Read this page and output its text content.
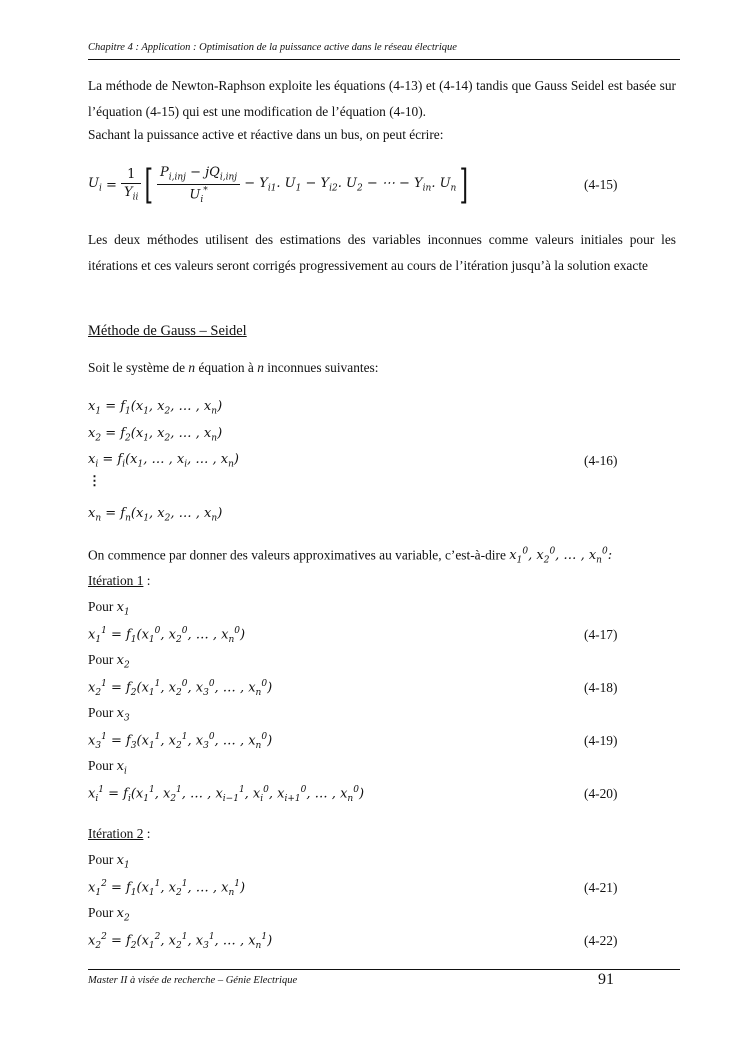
Chapitre 4 : Application : Optimisation de la puissance active dans le réseau électrique
La méthode de Newton-Raphson exploite les équations (4-13) et (4-14) tandis que Gauss Seidel est basée sur l’équation (4-15) qui est une modification de l’équation (4-10).
Sachant la puissance active et réactive dans un bus, on peut écrire:
$U_i = \frac{1}{Y_{ii}}$ [ $\frac{P_{i,inj} - jQ_{i,inj}}{U_i^*} - Y_{i1}$. $U_1 - Y_{i2}$. $U_2$ − ⋯ − $Y_{in}$. $U_n$ ]	(4-15)
Les deux méthodes utilisent des estimations des variables inconnues comme valeurs initiales pour les itérations et ces valeurs seront corrigés progressivement au cours de l’itération jusqu’à la solution exacte
Méthode de Gauss – Seidel
Soit le système de n équation à n inconnues suivantes:
$x_1 = f_1(x_1$, $x_2$, … , $x_n$)
$x_2 = f_2(x_1$, $x_2$, … , $x_n$)
$x_i = f_i(x_1$, … , $x_i$, … , $x_n$)	(4-16)
⋮
$x_n = f_n(x_1$, $x_2$, … , $x_n$)
On commence par donner des valeurs approximatives au variable, c’est-à-dire $x_1^0$, $x_2^0$, … , $x_n^0$:
Itération 1 :
Pour $x_1$
$x_1^1 = f_1(x_1^0$, $x_2^0$, … , $x_n^0$)	(4-17)
Pour $x_2$
$x_2^1 = f_2(x_1^1$, $x_2^0$, $x_3^0$, … , $x_n^0$)	(4-18)
Pour $x_3$
$x_3^1 = f_3(x_1^1$, $x_2^1$, $x_3^0$, … , $x_n^0$)	(4-19)
Pour $x_i$
$x_i^1 = f_i(x_1^1$, $x_2^1$, … , $x_{i-1}^1$, $x_i^0$, $x_{i+1}^0$, … , $x_n^0$)	(4-20)
Itération 2 :
Pour $x_1$
$x_1^2 = f_1(x_1^1$, $x_2^1$, … , $x_n^1$)	(4-21)
Pour $x_2$
$x_2^2 = f_2(x_1^2$, $x_2^1$, $x_3^1$, … , $x_n^1$)	(4-22)
Master II à visée de recherche – Génie Electrique	91
